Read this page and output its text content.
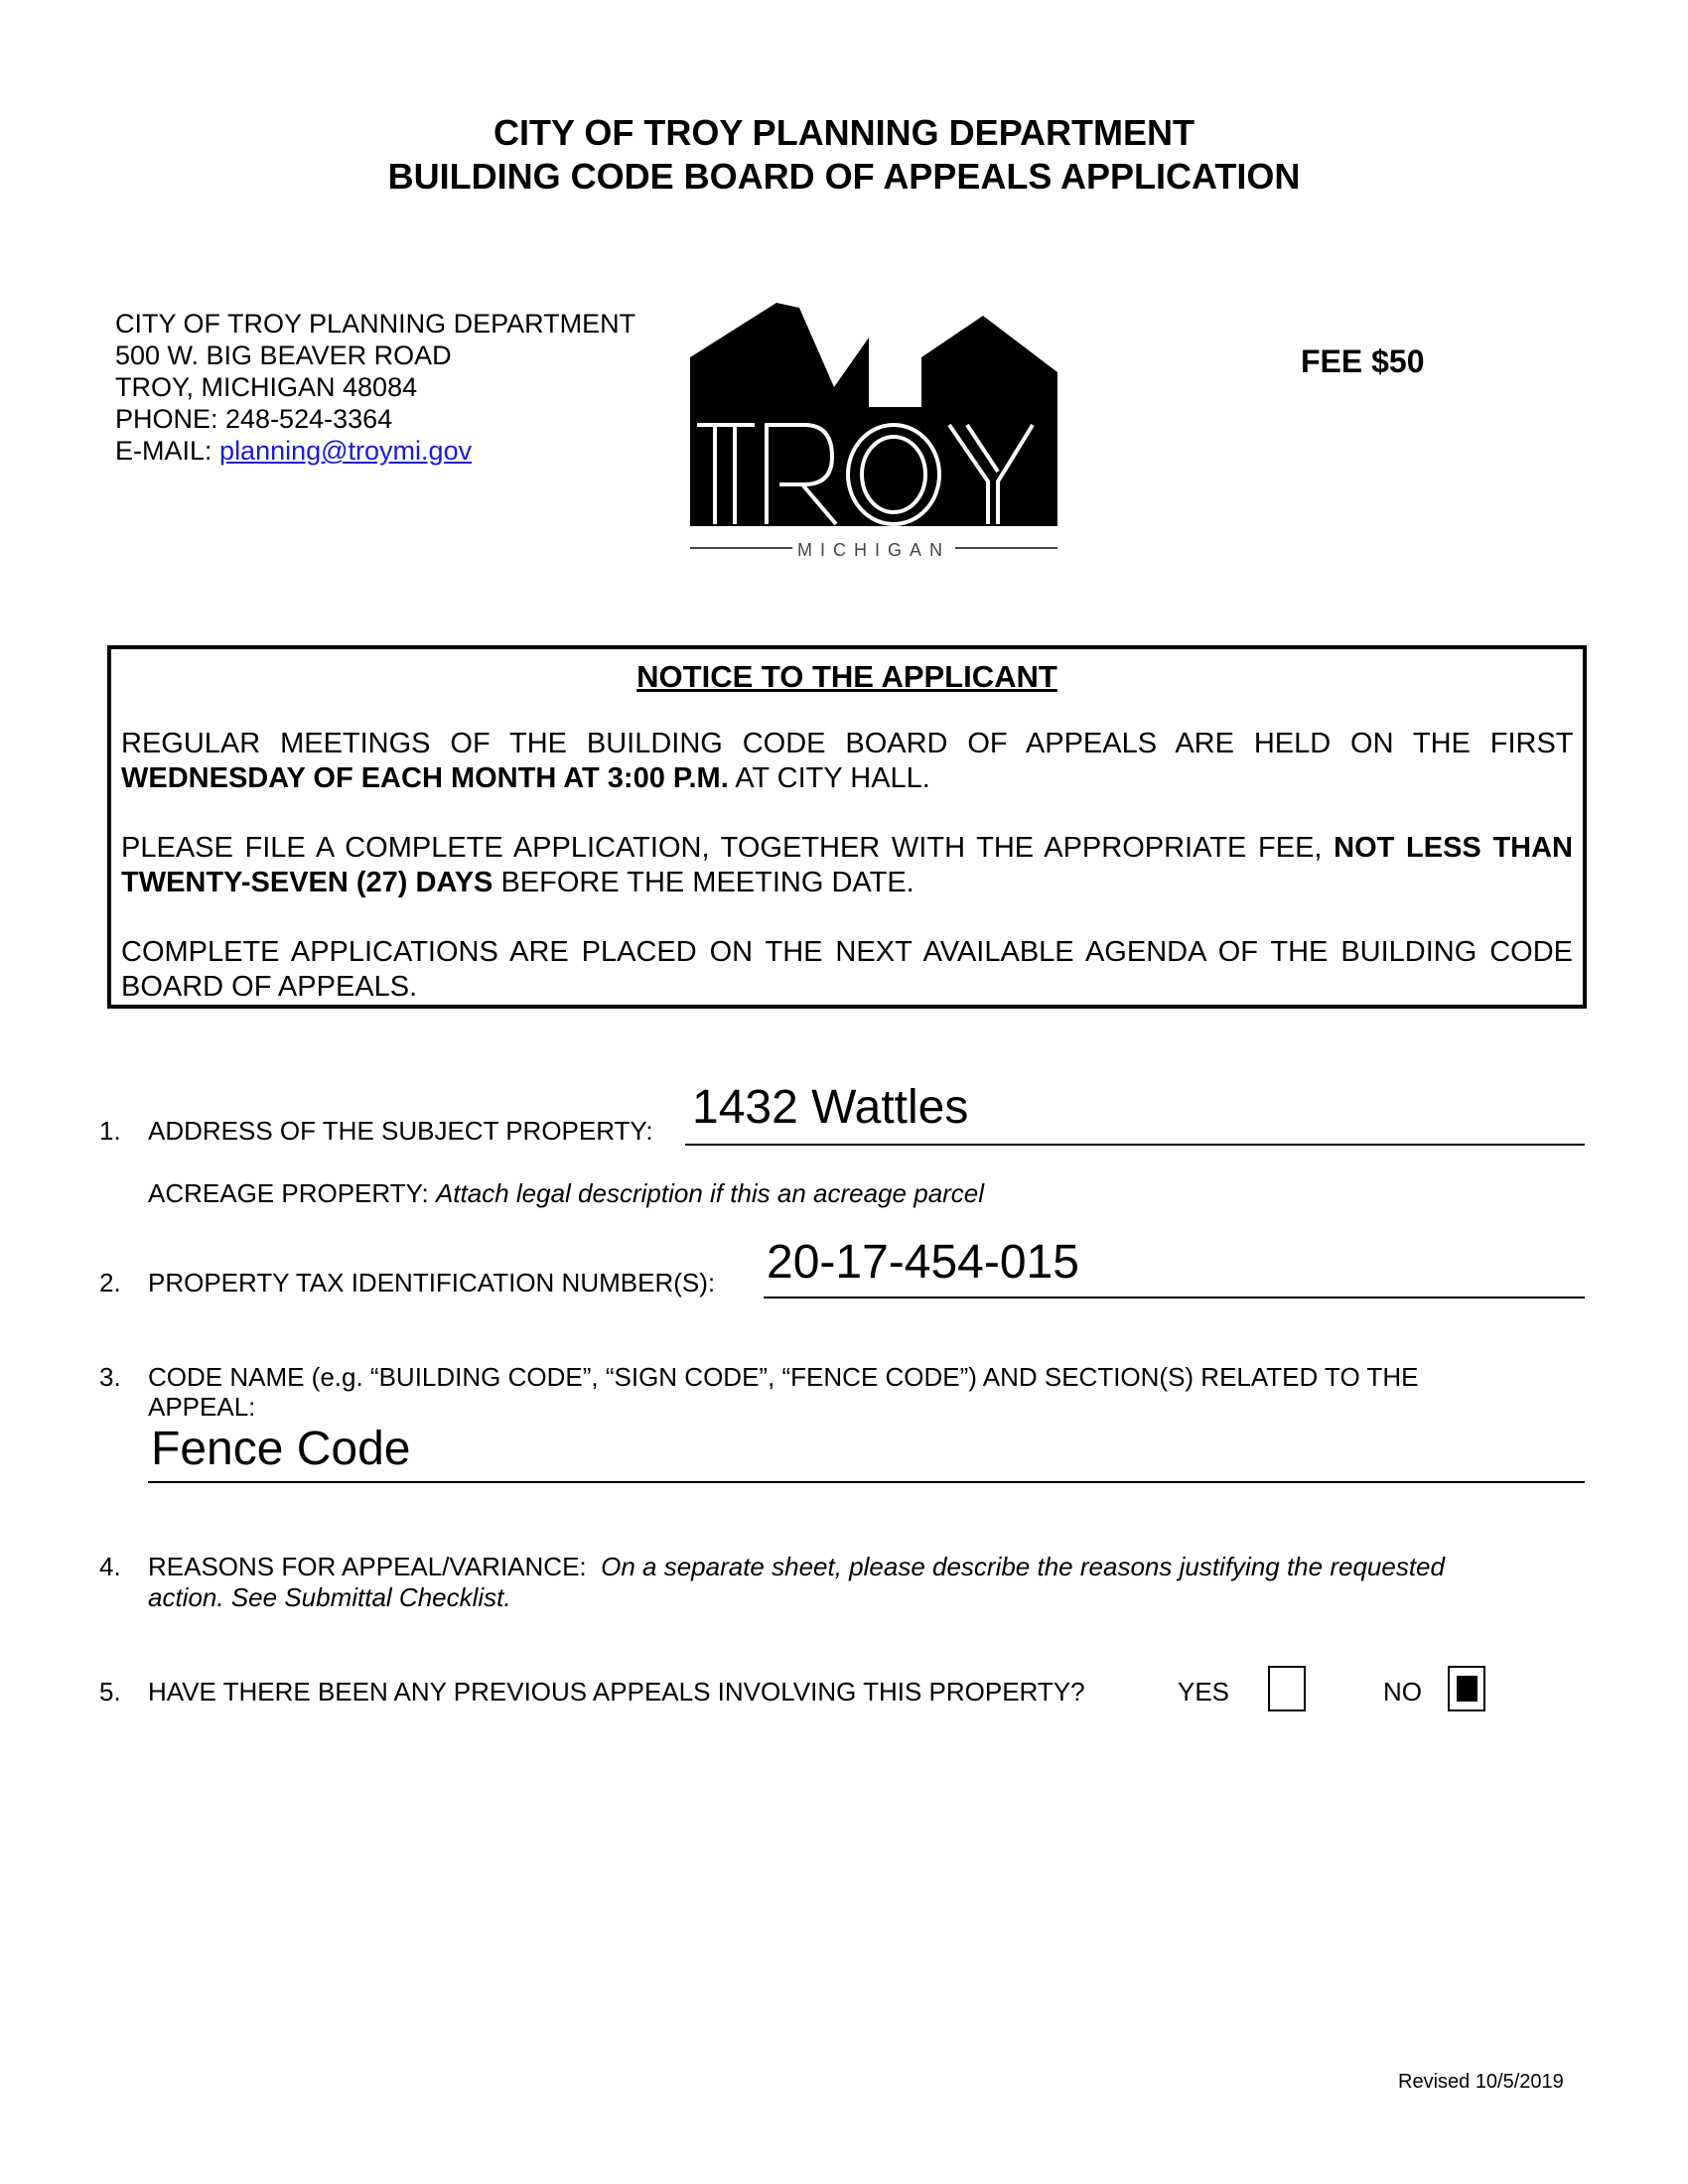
CITY OF TROY PLANNING DEPARTMENT
BUILDING CODE BOARD OF APPEALS APPLICATION
CITY OF TROY PLANNING DEPARTMENT
500 W. BIG BEAVER ROAD
TROY, MICHIGAN 48084
PHONE: 248-524-3364
E-MAIL: planning@troymi.gov
MICHIGAN
FEE $50
NOTICE TO THE APPLICANT
REGULAR MEETINGS OF THE BUILDING CODE BOARD OF APPEALS ARE HELD ON THE FIRST WEDNESDAY OF EACH MONTH AT 3:00 P.M. AT CITY HALL.
PLEASE FILE A COMPLETE APPLICATION, TOGETHER WITH THE APPROPRIATE FEE, NOT LESS THAN TWENTY-SEVEN (27) DAYS BEFORE THE MEETING DATE.
COMPLETE APPLICATIONS ARE PLACED ON THE NEXT AVAILABLE AGENDA OF THE BUILDING CODE BOARD OF APPEALS.
1. ADDRESS OF THE SUBJECT PROPERTY: 1432 Wattles
ACREAGE PROPERTY: Attach legal description if this an acreage parcel
2. PROPERTY TAX IDENTIFICATION NUMBER(S): 20-17-454-015
3. CODE NAME (e.g. “BUILDING CODE”, “SIGN CODE”, “FENCE CODE”) AND SECTION(S) RELATED TO THE
APPEAL:
Fence Code
4. REASONS FOR APPEAL/VARIANCE: On a separate sheet, please describe the reasons justifying the requested
action. See Submittal Checklist.
5. HAVE THERE BEEN ANY PREVIOUS APPEALS INVOLVING THIS PROPERTY?	YES	NO
Revised 10/5/2019
